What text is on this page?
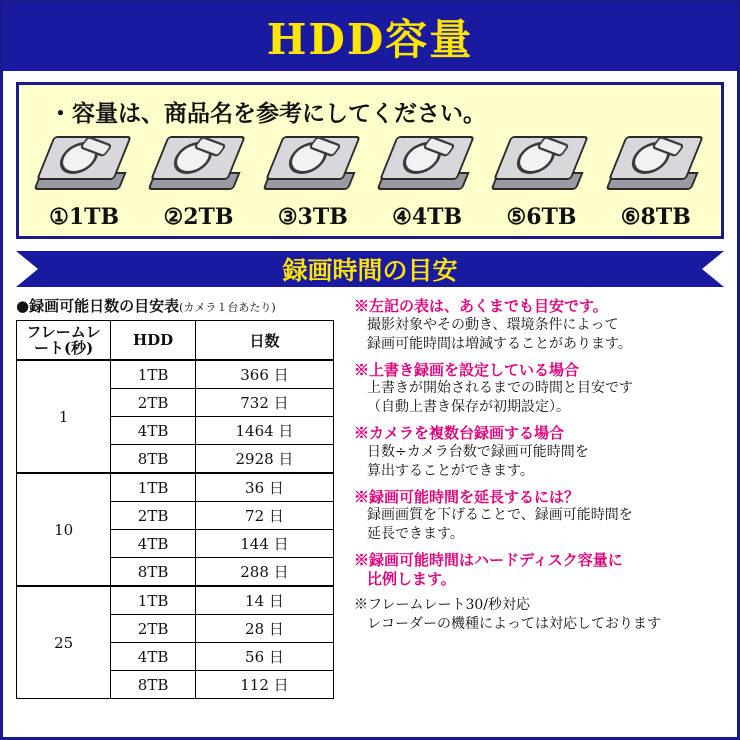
HDD容量
・容量は、商品名を参考にしてください。
①1TB	②2TB	③3TB	④4TB	⑤6TB	⑥8TB
録画時間の目安
●録画可能日数の目安表(カメラ１台あたり)
フレームレート(秒)	HDD	日数
1	1TB	366 日
	2TB	732 日
	4TB	1464 日
	8TB	2928 日
10	1TB	36 日
	2TB	72 日
	4TB	144 日
	8TB	288 日
25	1TB	14 日
	2TB	28 日
	4TB	56 日
	8TB	112 日
※左記の表は、あくまでも目安です。
撮影対象やその動き、環境条件によって
録画可能時間は増減することがあります。
※上書き録画を設定している場合
上書きが開始されるまでの時間と目安です
（自動上書き保存が初期設定）。
※カメラを複数台録画する場合
日数÷カメラ台数で録画可能時間を
算出することができます。
※録画可能時間を延長するには？
録画画質を下げることで、録画可能時間を
延長できます。
※録画可能時間はハードディスク容量に
比例します。
※フレームレート30/秒対応
レコーダーの機種によっては対応しております
